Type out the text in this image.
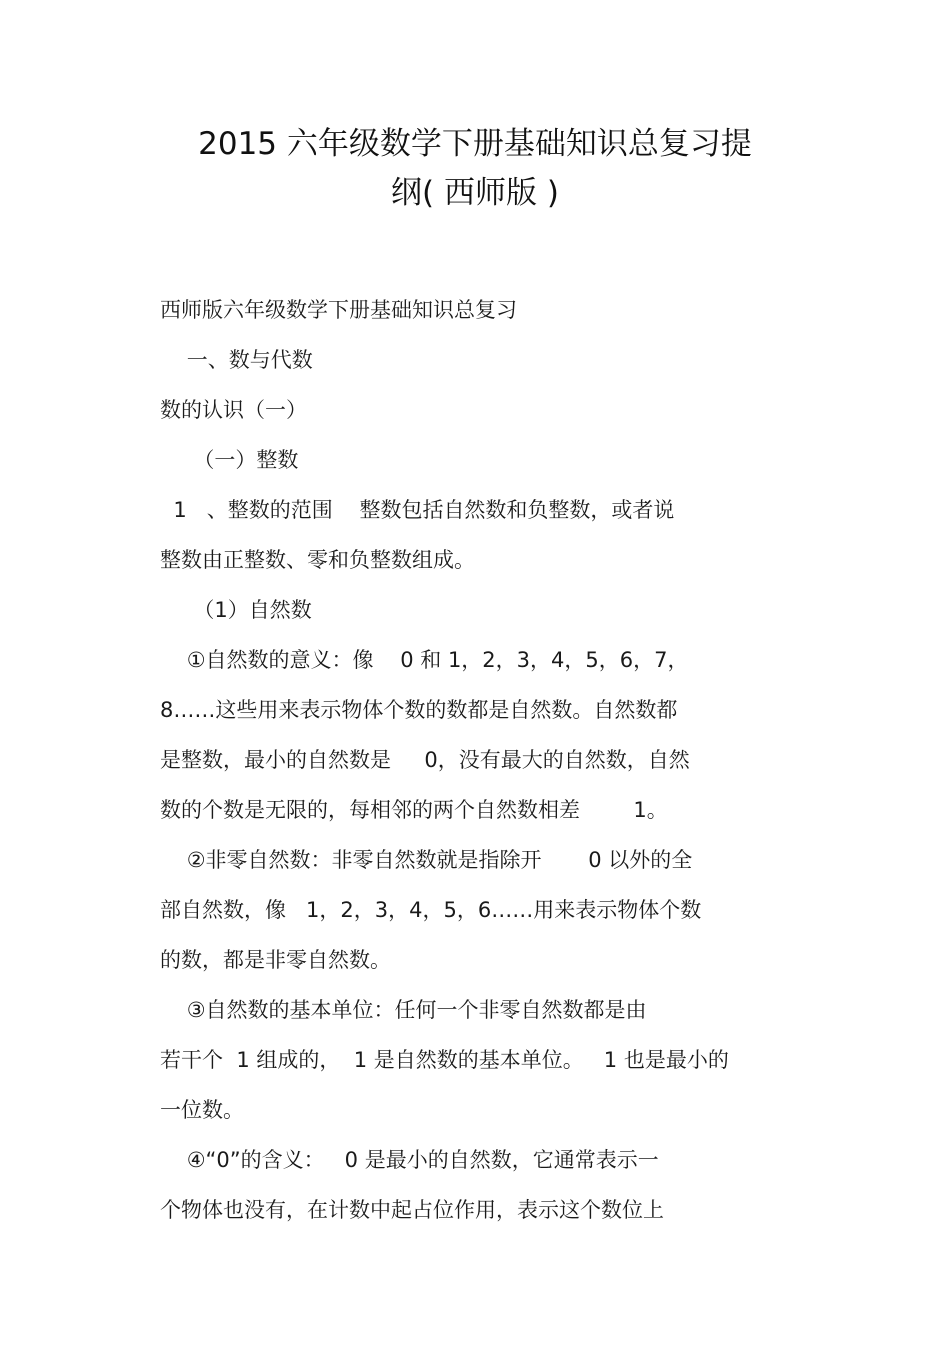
2015 六年级数学下册基础知识总复习提
纲( 西师版 )
西师版六年级数学下册基础知识总复习
一、数与代数
数的认识（一）
（一）整数
1   、整数的范围    整数包括自然数和负整数，或者说
整数由正整数、零和负整数组成。
（1）自然数
①自然数的意义：像    0 和 1，2，3，4，5，6，7，
8……这些用来表示物体个数的数都是自然数。自然数都
是整数，最小的自然数是     0，没有最大的自然数，自然
数的个数是无限的，每相邻的两个自然数相差        1。
②非零自然数：非零自然数就是指除开       0 以外的全
部自然数，像   1，2，3，4，5，6……用来表示物体个数
的数，都是非零自然数。
③自然数的基本单位：任何一个非零自然数都是由
若干个  1 组成的，  1 是自然数的基本单位。   1 也是最小的
一位数。
④“0”的含义：   0 是最小的自然数，它通常表示一
个物体也没有，在计数中起占位作用，表示这个数位上
